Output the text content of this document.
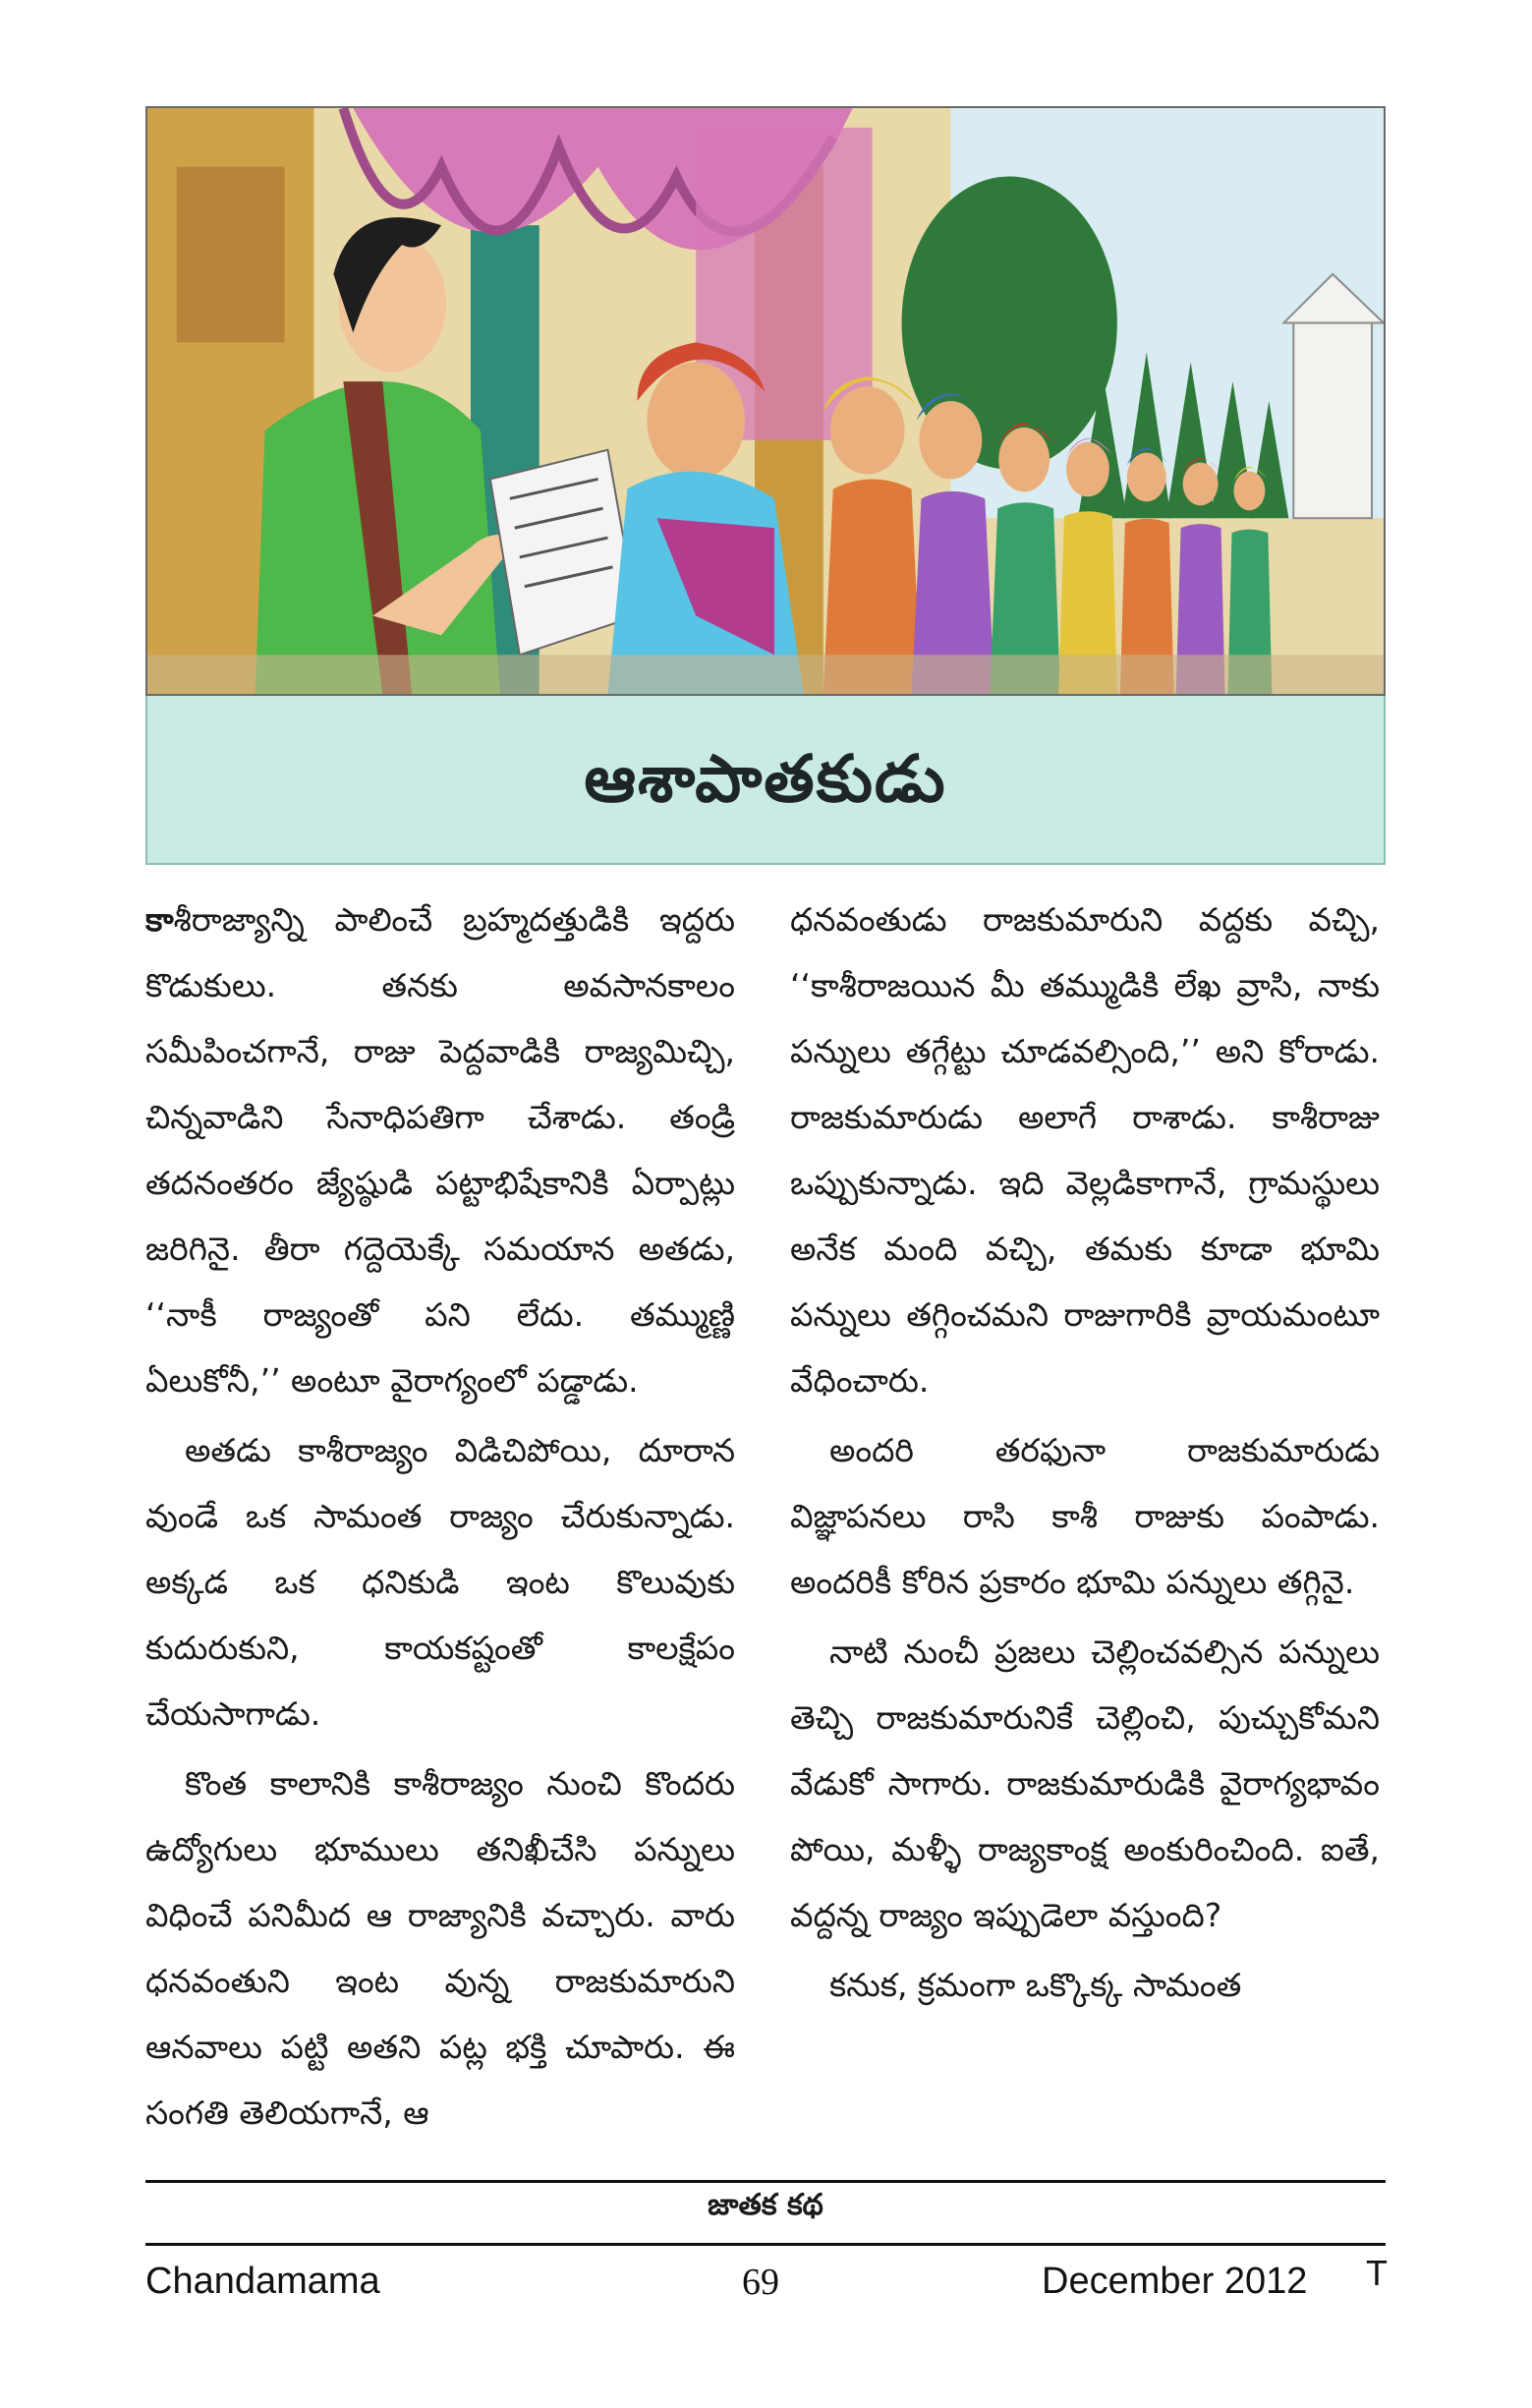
ఆశాపాతకుడు

కాశీరాజ్యాన్ని పాలించే బ్రహ్మదత్తుడికి ఇద్దరు కొడుకులు. తనకు అవసానకాలం సమీపించగానే, రాజు పెద్దవాడికి రాజ్యమిచ్చి, చిన్నవాడిని సేనాధిపతిగా చేశాడు. తండ్రి తదనంతరం జ్యేష్ఠుడి పట్టాభిషేకానికి ఏర్పాట్లు జరిగినై. తీరా గద్దెయెక్కే సమయాన అతడు, ‘‘నాకీ రాజ్యంతో పని లేదు. తమ్ముణ్ణి ఏలుకోనీ,’’ అంటూ వైరాగ్యంలో పడ్డాడు.

అతడు కాశీరాజ్యం విడిచిపోయి, దూరాన వుండే ఒక సామంత రాజ్యం చేరుకున్నాడు. అక్కడ ఒక ధనికుడి ఇంట కొలువుకు కుదురుకుని, కాయకష్టంతో కాలక్షేపం చేయసాగాడు.

కొంత కాలానికి కాశీరాజ్యం నుంచి కొందరు ఉద్యోగులు భూములు తనిఖీచేసి పన్నులు విధించే పనిమీద ఆ రాజ్యానికి వచ్చారు. వారు ధనవంతుని ఇంట వున్న రాజకుమారుని ఆనవాలు పట్టి అతని పట్ల భక్తి చూపారు. ఈ సంగతి తెలియగానే, ఆ

ధనవంతుడు రాజకుమారుని వద్దకు వచ్చి, ‘‘కాశీరాజయిన మీ తమ్ముడికి లేఖ వ్రాసి, నాకు పన్నులు తగ్గేట్టు చూడవల్సింది,’’ అని కోరాడు. రాజకుమారుడు అలాగే రాశాడు. కాశీరాజు ఒప్పుకున్నాడు. ఇది వెల్లడికాగానే, గ్రామస్థులు అనేక మంది వచ్చి, తమకు కూడా భూమి పన్నులు తగ్గించమని రాజుగారికి వ్రాయమంటూ వేధించారు.

అందరి తరఫునా రాజకుమారుడు విజ్ఞాపనలు రాసి కాశీ రాజుకు పంపాడు. అందరికీ కోరిన ప్రకారం భూమి పన్నులు తగ్గినై.

నాటి నుంచీ ప్రజలు చెల్లించవల్సిన పన్నులు తెచ్చి రాజకుమారునికే చెల్లించి, పుచ్చుకోమని వేడుకో సాగారు. రాజకుమారుడికి వైరాగ్యభావం పోయి, మళ్ళీ రాజ్యకాంక్ష అంకురించింది. ఐతే, వద్దన్న రాజ్యం ఇప్పుడెలా వస్తుంది?

కనుక, క్రమంగా ఒక్కొక్క సామంత

జాతక కథ
Chandamama	69	December 2012 T
